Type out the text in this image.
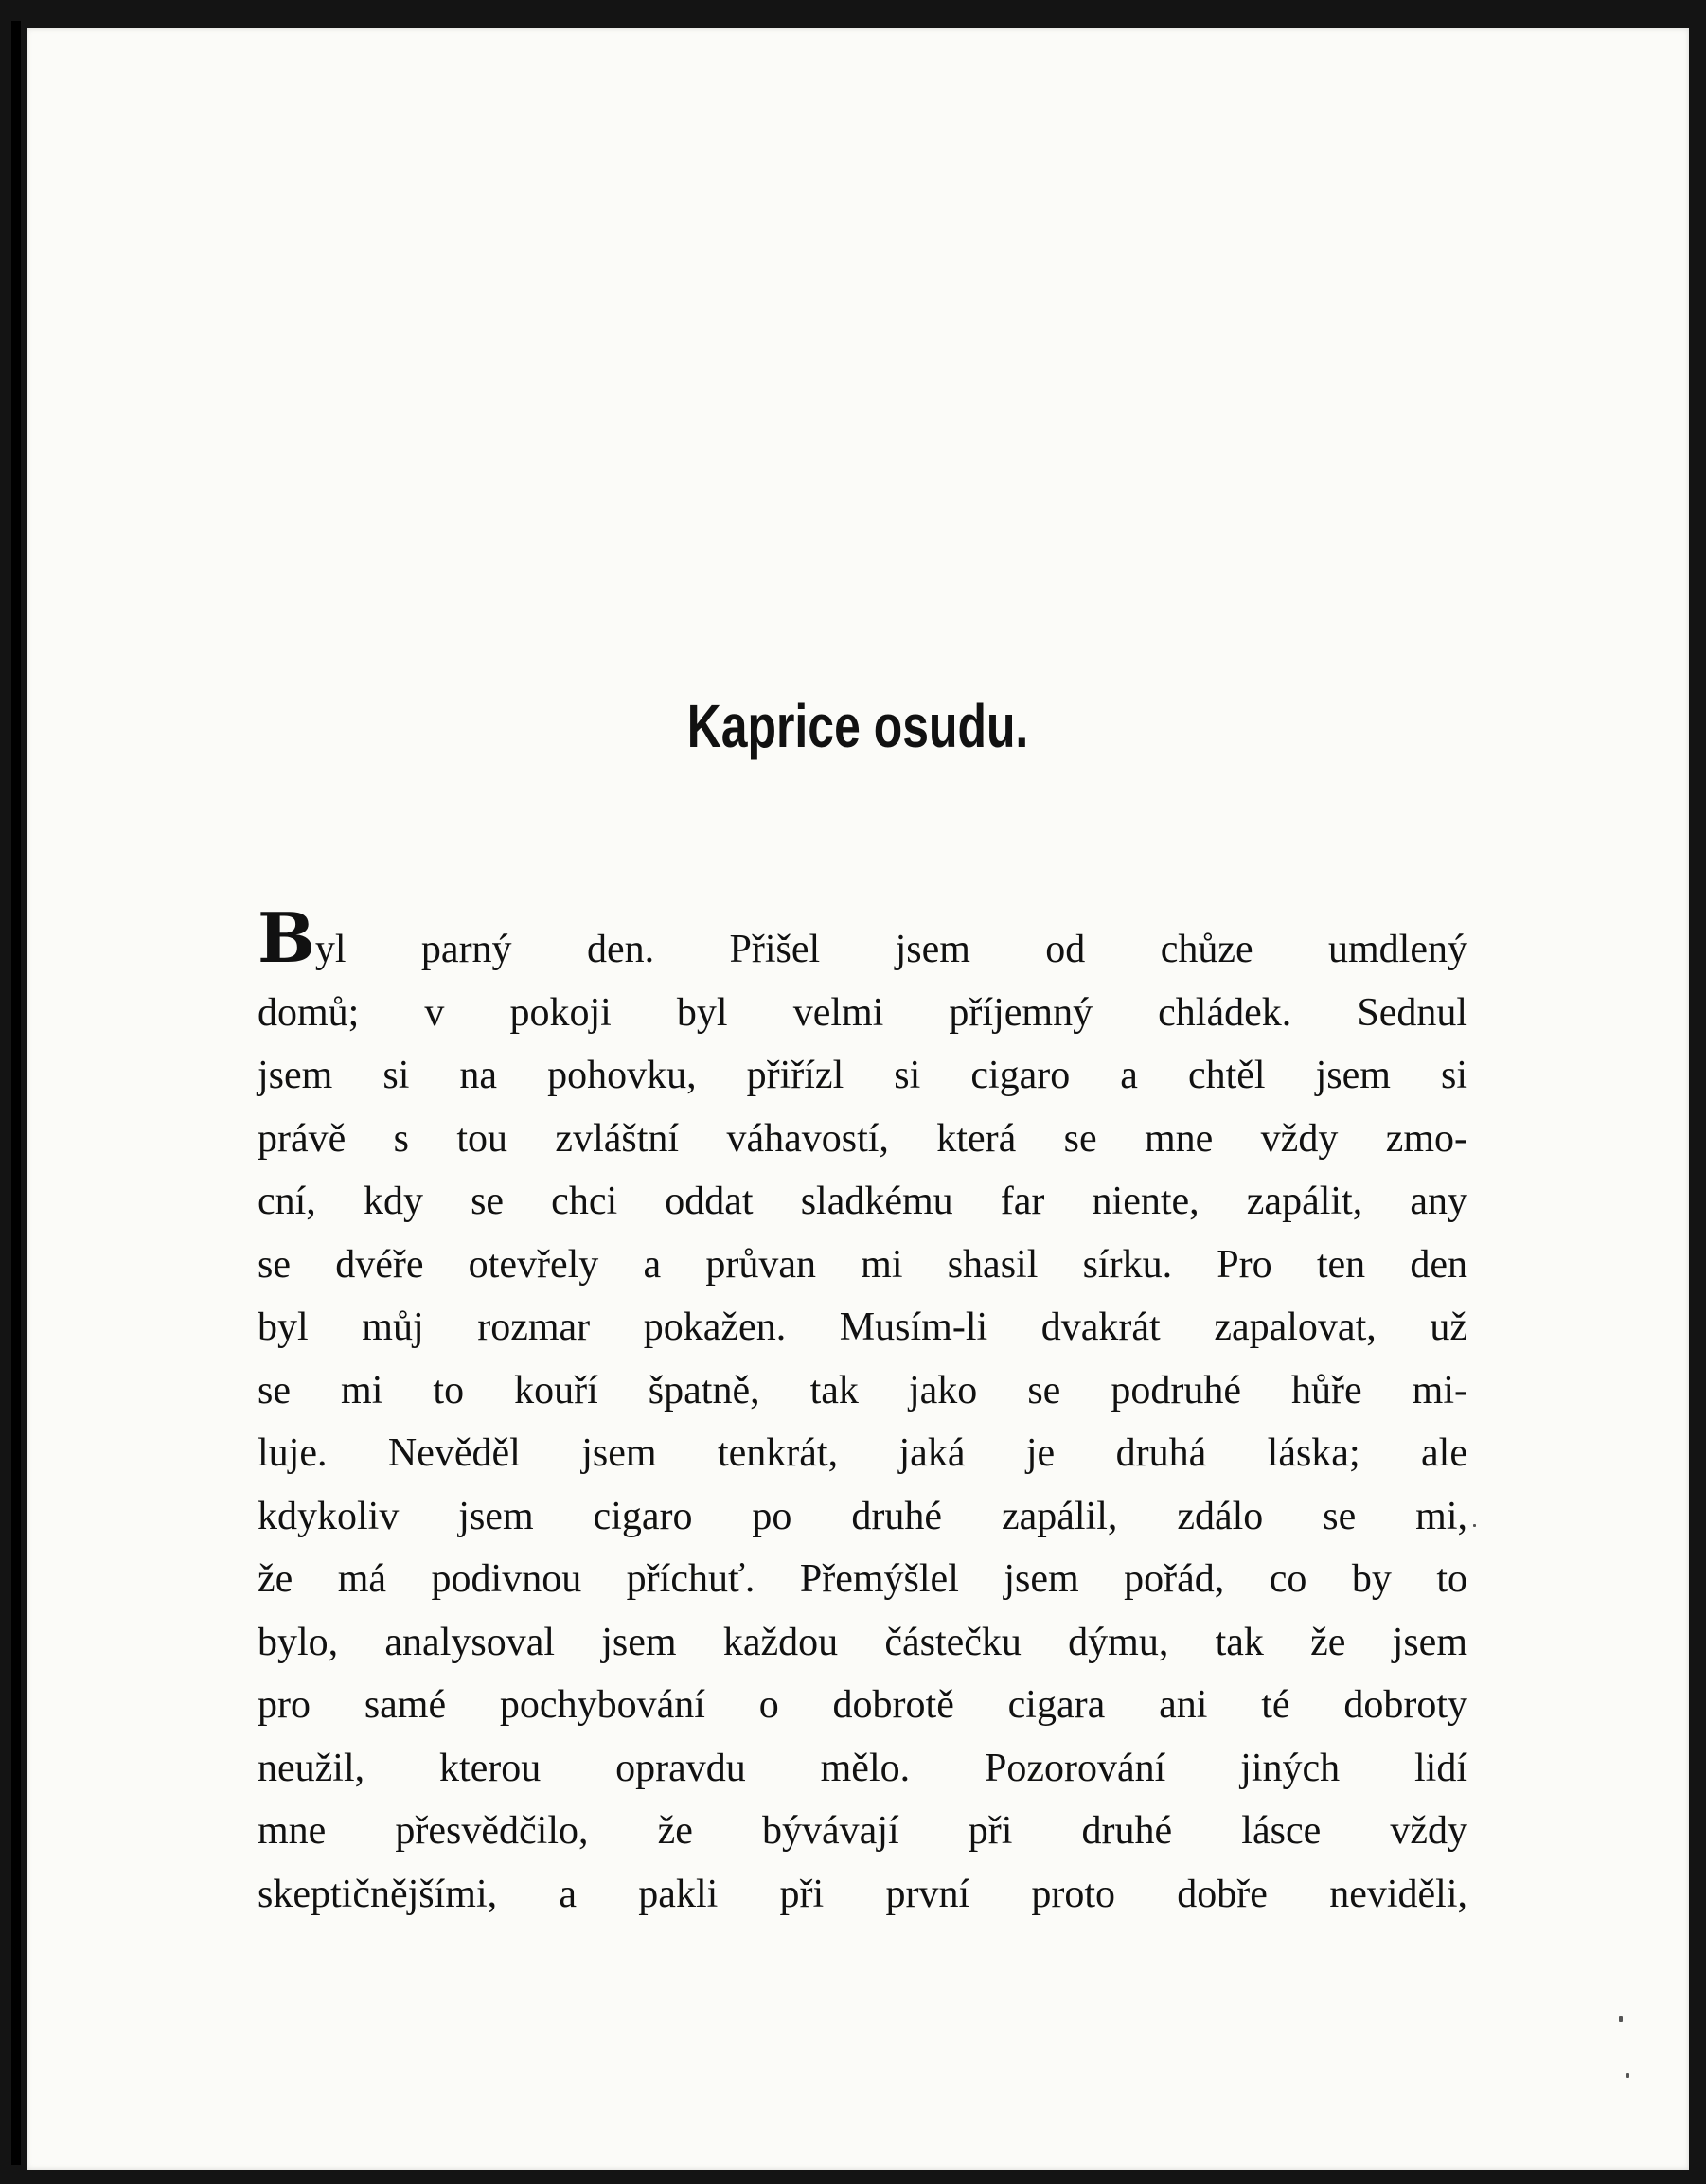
Kaprice osudu.
Byl parný den. Přišel jsem od chůze umdlený
domů; v pokoji byl velmi příjemný chládek. Sednul
jsem si na pohovku, přiřízl si cigaro a chtěl jsem si
právě s tou zvláštní váhavostí, která se mne vždy zmo-
cní, kdy se chci oddat sladkému far niente, zapálit, any
se dvéře otevřely a průvan mi shasil sírku. Pro ten den
byl můj rozmar pokažen. Musím-li dvakrát zapalovat, už
se mi to kouří špatně, tak jako se podruhé hůře mi-
luje. Nevěděl jsem tenkrát, jaká je druhá láska; ale
kdykoliv jsem cigaro po druhé zapálil, zdálo se mi,
že má podivnou příchuť. Přemýšlel jsem pořád, co by to
bylo, analysoval jsem každou částečku dýmu, tak že jsem
pro samé pochybování o dobrotě cigara ani té dobroty
neužil, kterou opravdu mělo. Pozorování jiných lidí
mne přesvědčilo, že bývávají při druhé lásce vždy
skeptičnějšími, a pakli při první proto dobře neviděli,
